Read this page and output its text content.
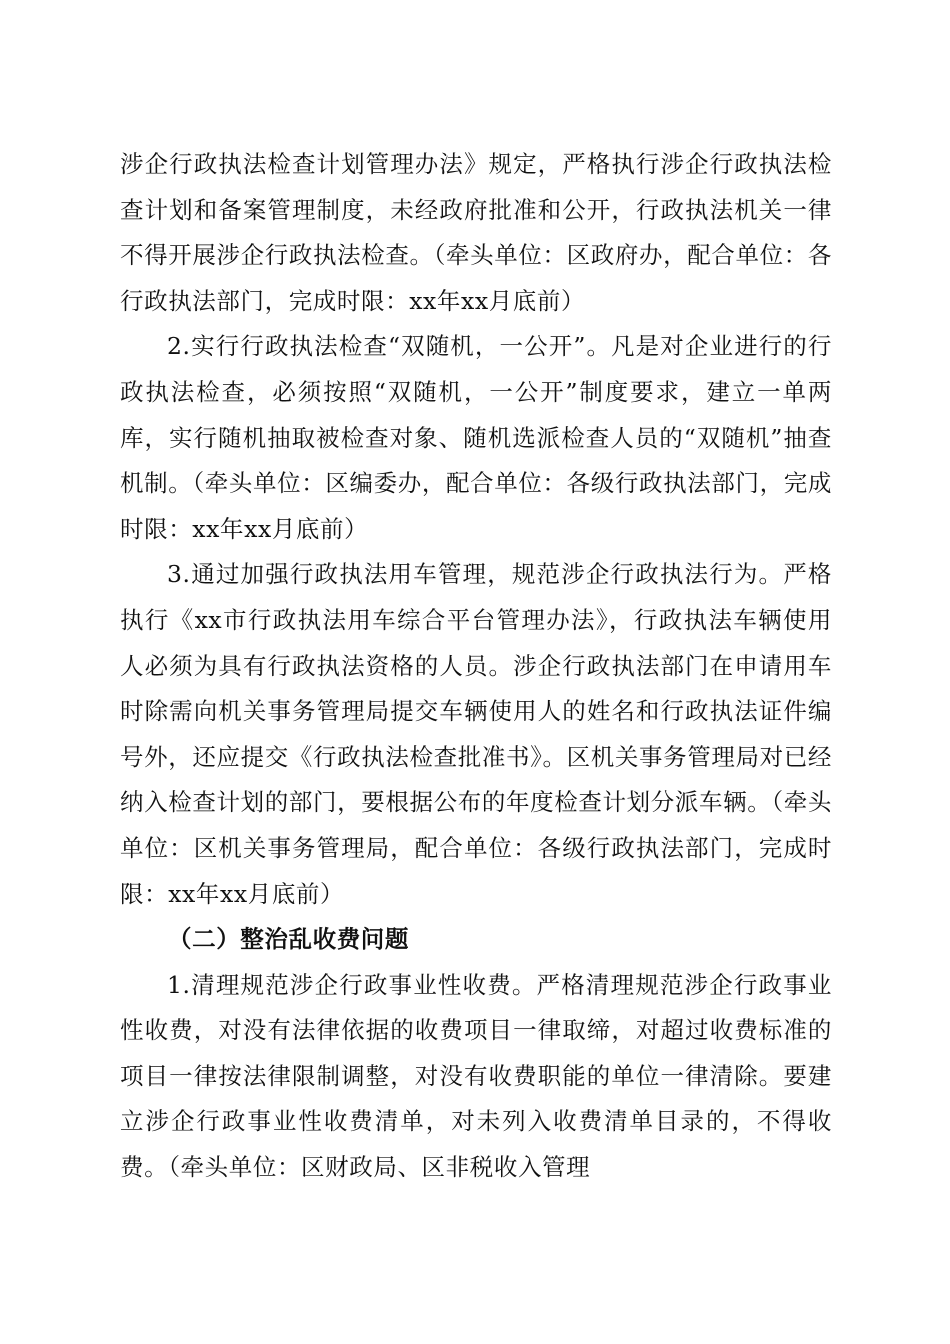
涉企行政执法检查计划管理办法》规定，严格执行涉企行政执法检查计划和备案管理制度，未经政府批准和公开，行政执法机关一律不得开展涉企行政执法检查。（牵头单位：区政府办，配合单位：各行政执法部门，完成时限：xx年xx月底前）

2.实行行政执法检查“双随机，一公开”。凡是对企业进行的行政执法检查，必须按照“双随机，一公开”制度要求，建立一单两库，实行随机抽取被检查对象、随机选派检查人员的“双随机”抽查机制。（牵头单位：区编委办，配合单位：各级行政执法部门，完成时限：xx年xx月底前）

3.通过加强行政执法用车管理，规范涉企行政执法行为。严格执行《xx市行政执法用车综合平台管理办法》，行政执法车辆使用人必须为具有行政执法资格的人员。涉企行政执法部门在申请用车时除需向机关事务管理局提交车辆使用人的姓名和行政执法证件编号外，还应提交《行政执法检查批准书》。区机关事务管理局对已经纳入检查计划的部门，要根据公布的年度检查计划分派车辆。（牵头单位：区机关事务管理局，配合单位：各级行政执法部门，完成时限：xx年xx月底前）

（二）整治乱收费问题

1.清理规范涉企行政事业性收费。严格清理规范涉企行政事业性收费，对没有法律依据的收费项目一律取缔，对超过收费标准的项目一律按法律限制调整，对没有收费职能的单位一律清除。要建立涉企行政事业性收费清单，对未列入收费清单目录的，不得收费。（牵头单位：区财政局、区非税收入管理
